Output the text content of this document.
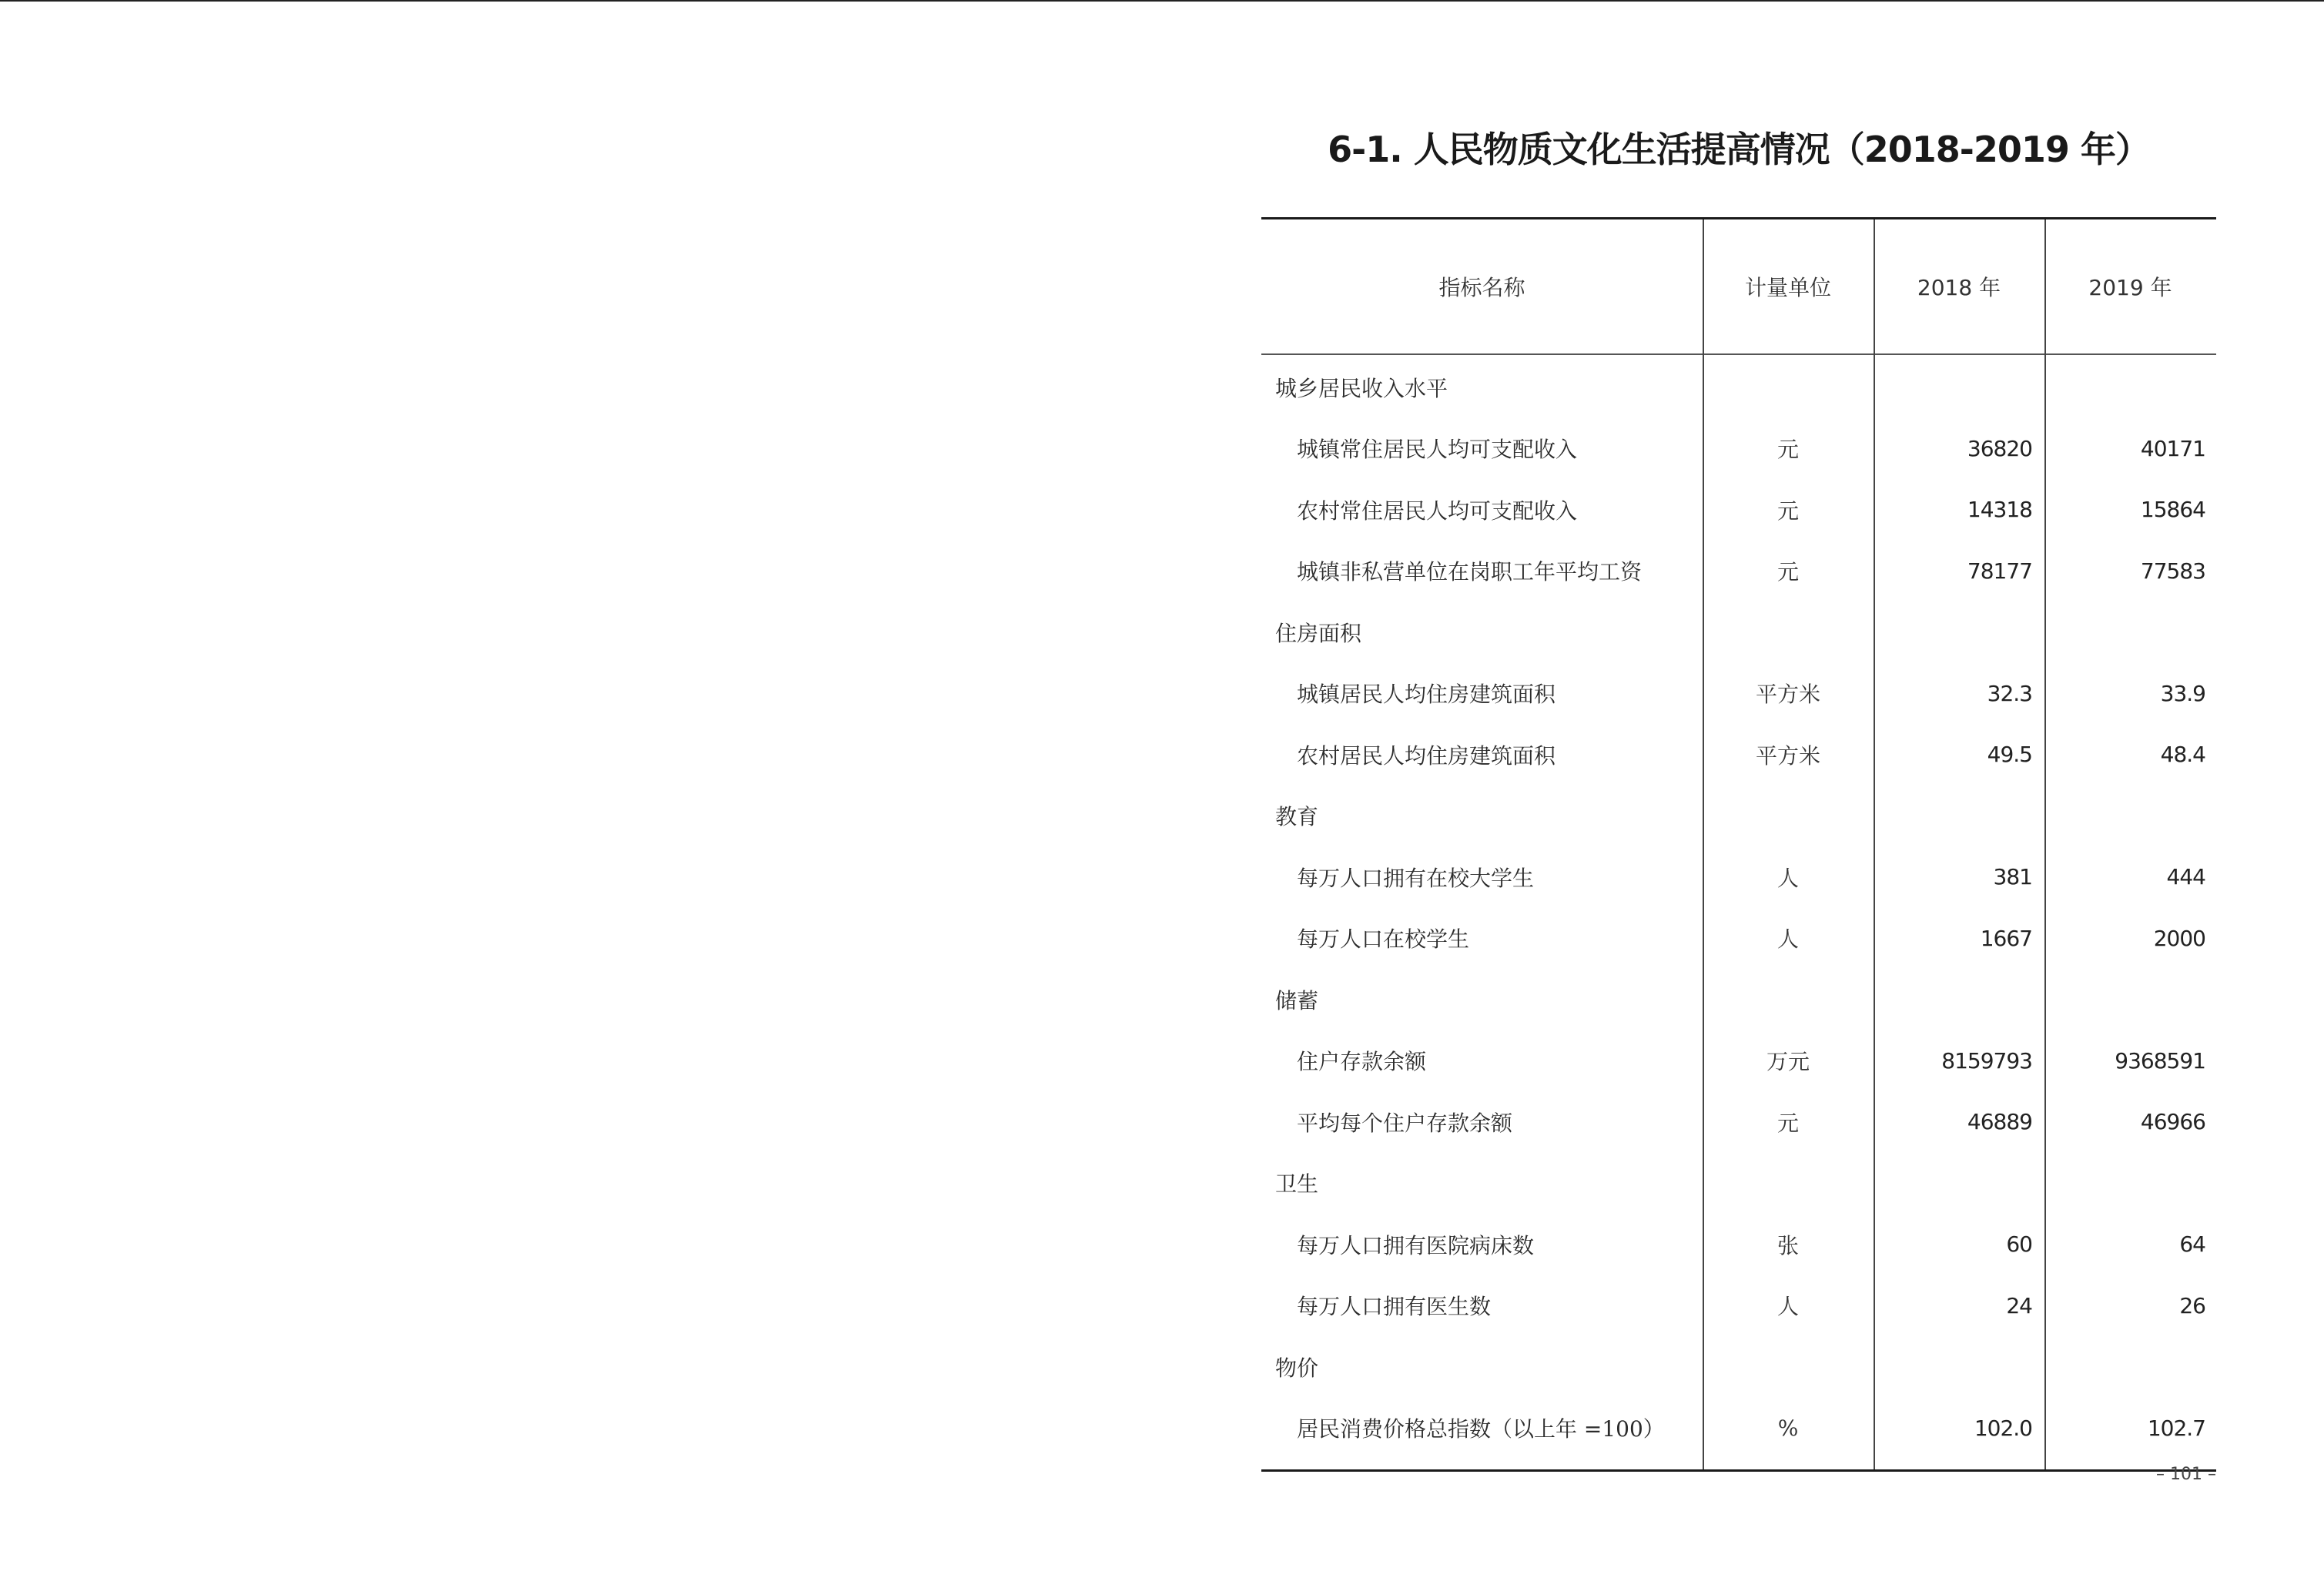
6-1. 人民物质文化生活提高情况（2018-2019 年）
指标名称	计量单位	2018 年	2019 年
城乡居民收入水平
城镇常住居民人均可支配收入	元	36820	40171
农村常住居民人均可支配收入	元	14318	15864
城镇非私营单位在岗职工年平均工资	元	78177	77583
住房面积
城镇居民人均住房建筑面积	平方米	32.3	33.9
农村居民人均住房建筑面积	平方米	49.5	48.4
教育
每万人口拥有在校大学生	人	381	444
每万人口在校学生	人	1667	2000
储蓄
住户存款余额	万元	8159793	9368591
平均每个住户存款余额	元	46889	46966
卫生
每万人口拥有医院病床数	张	60	64
每万人口拥有医生数	人	24	26
物价
居民消费价格总指数（以上年 =100）	%	102.0	102.7
– 101 –
